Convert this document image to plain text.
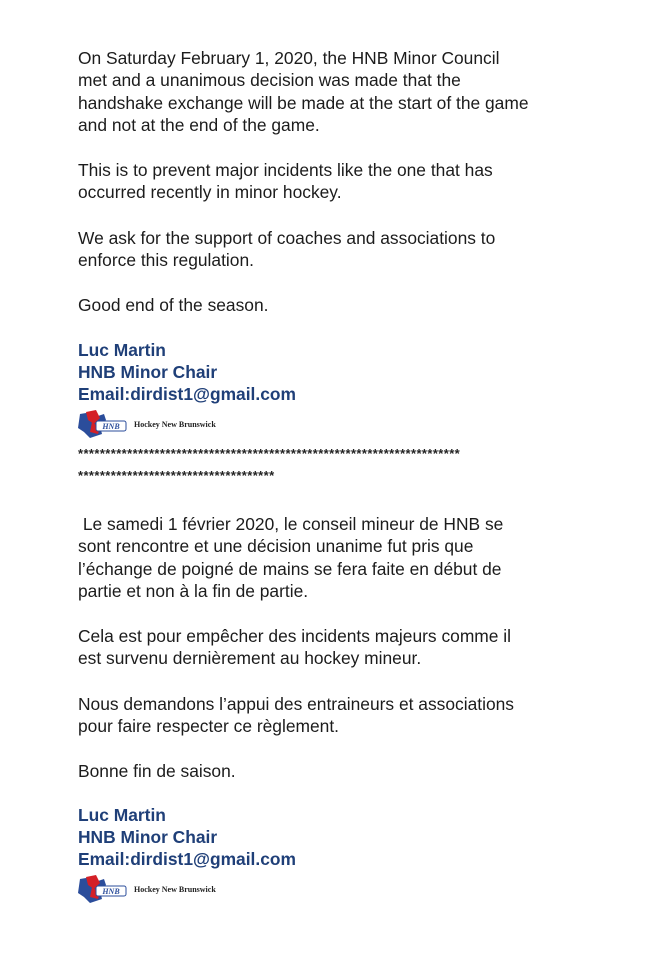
On Saturday February 1, 2020, the HNB Minor Council
met and a unanimous decision was made that the
handshake exchange will be made at the start of the game
and not at the end of the game.
This is to prevent major incidents like the one that has
occurred recently in minor hockey.
We ask for the support of coaches and associations to
enforce this regulation.
Good end of the season.
Luc Martin
HNB Minor Chair
Email:dirdist1@gmail.com
HNB Hockey New Brunswick
**********************************************************************
************************************
Le samedi 1 février 2020, le conseil mineur de HNB se
sont rencontre et une décision unanime fut pris que
l’échange de poigné de mains se fera faite en début de
partie et non à la fin de partie.
Cela est pour empêcher des incidents majeurs comme il
est survenu dernièrement au hockey mineur.
Nous demandons l’appui des entraineurs et associations
pour faire respecter ce règlement.
Bonne fin de saison.
Luc Martin
HNB Minor Chair
Email:dirdist1@gmail.com
HNB Hockey New Brunswick
